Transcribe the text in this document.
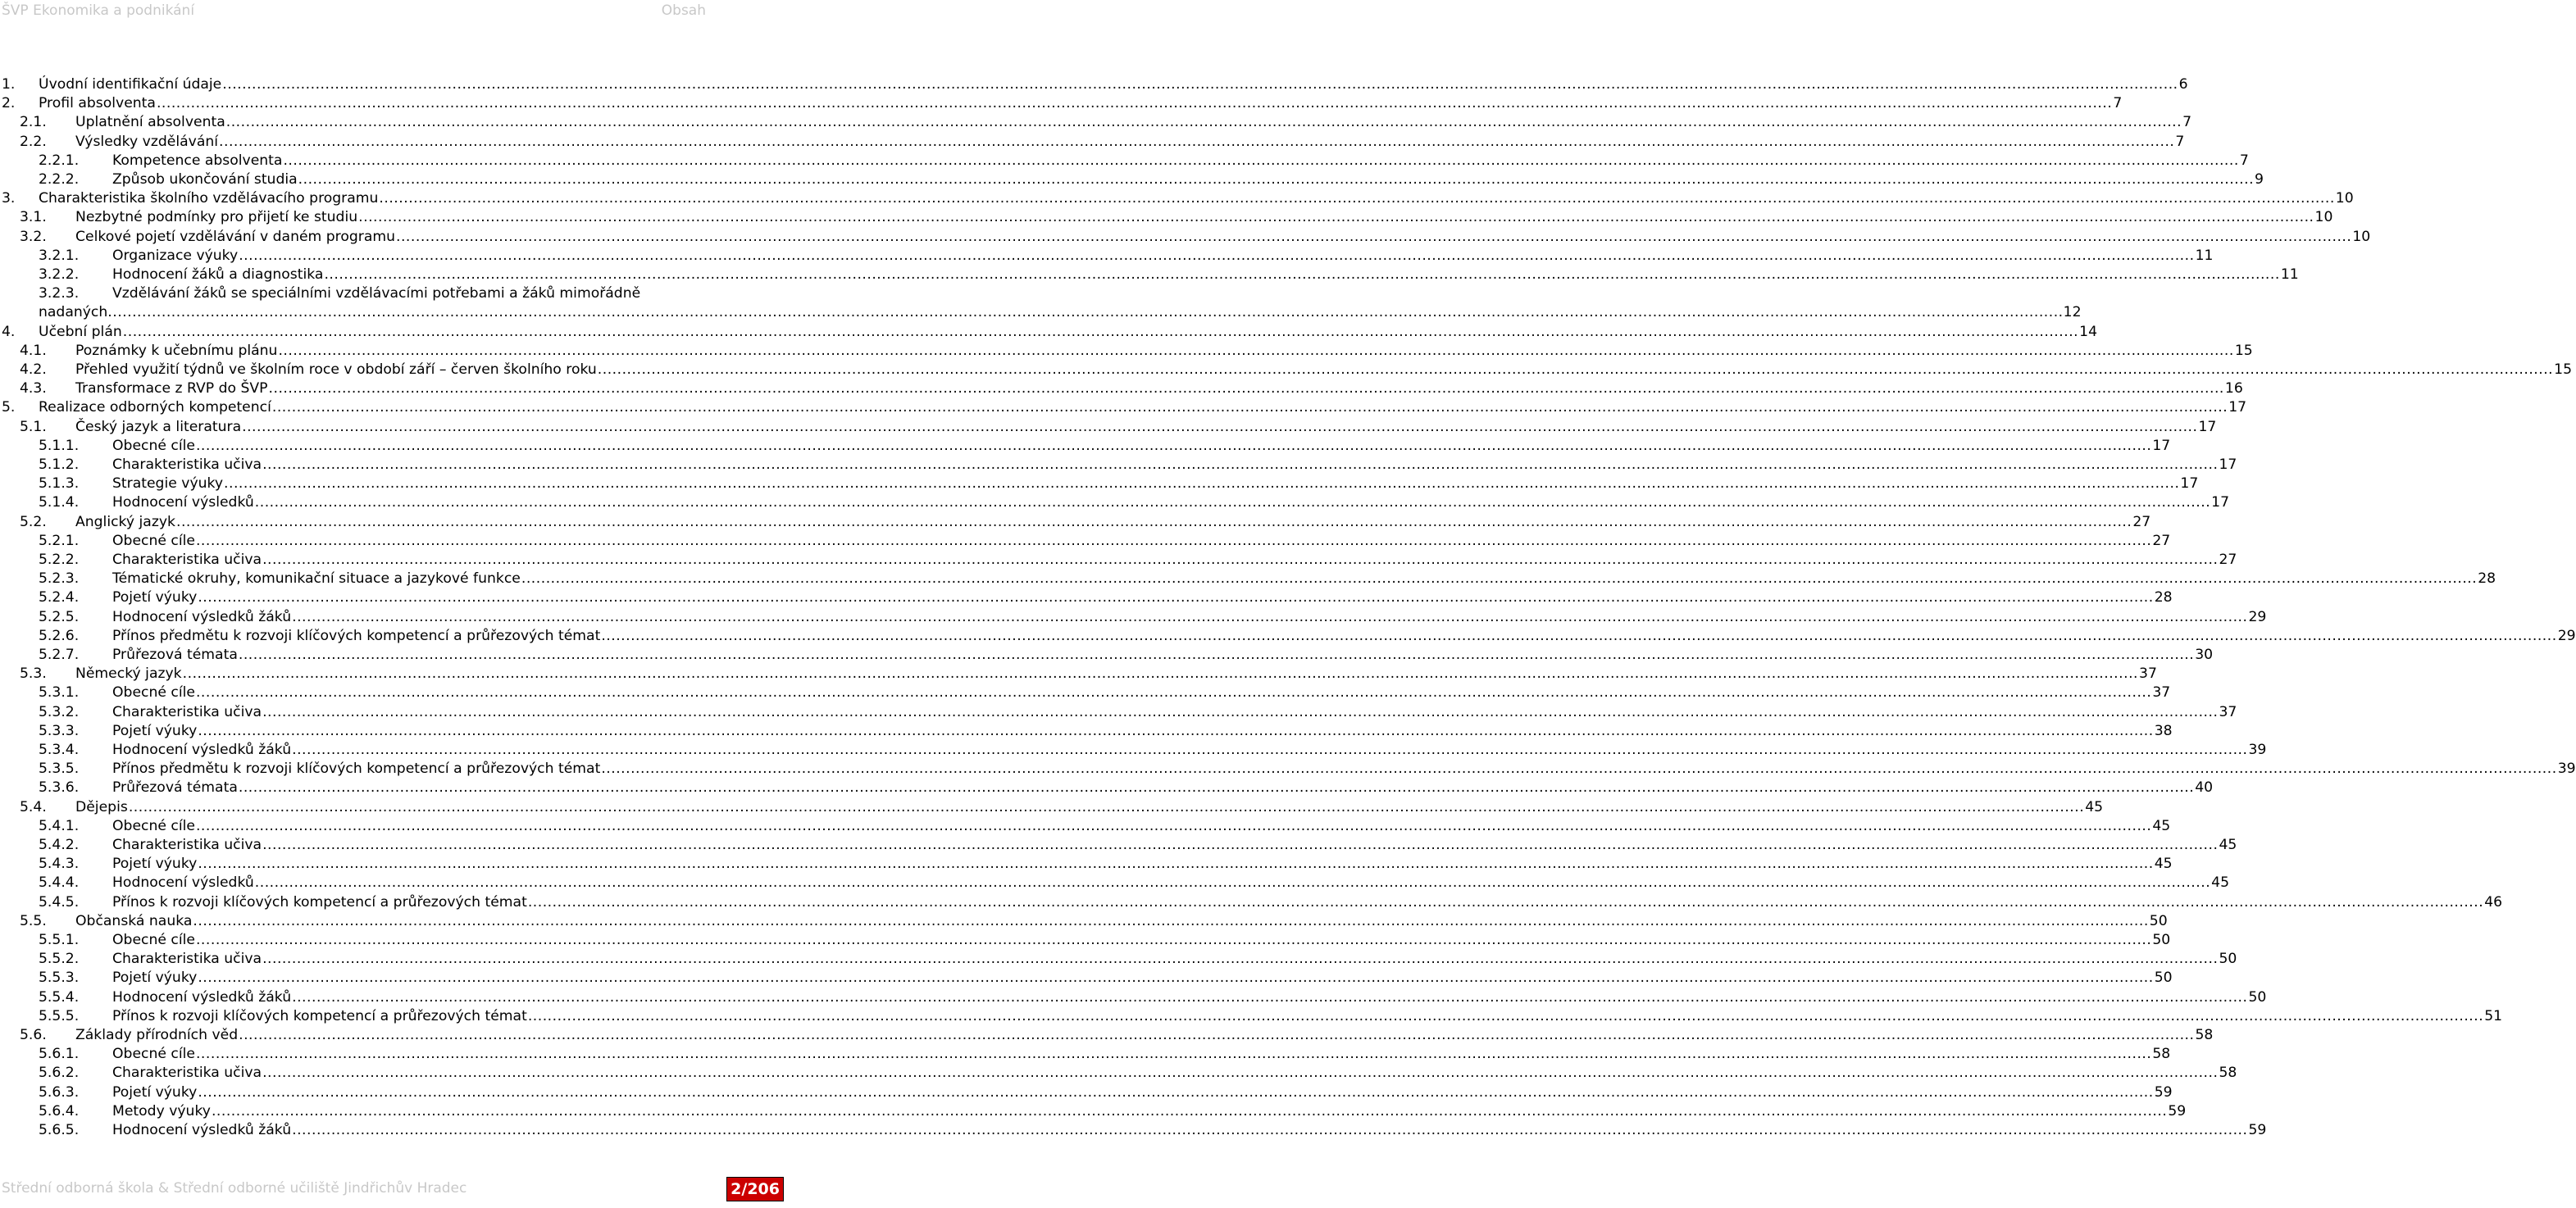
ŠVP Ekonomika a podnikání	Obsah
1. Úvodní identifikační údaje ................................................................................................................................................................................................................................................................................................................................................................................................................ 6
2. Profil absolventa ................................................................................................................................................................................................................................................................................................................................................................................................................ 7
2.1. Uplatnění absolventa ................................................................................................................................................................................................................................................................................................................................................................................................................ 7
2.2. Výsledky vzdělávání ................................................................................................................................................................................................................................................................................................................................................................................................................ 7
2.2.1. Kompetence absolventa ................................................................................................................................................................................................................................................................................................................................................................................................................ 7
2.2.2. Způsob ukončování studia ................................................................................................................................................................................................................................................................................................................................................................................................................ 9
3. Charakteristika školního vzdělávacího programu ................................................................................................................................................................................................................................................................................................................................................................................................................ 10
3.1. Nezbytné podmínky pro přijetí ke studiu ................................................................................................................................................................................................................................................................................................................................................................................................................ 10
3.2. Celkové pojetí vzdělávání v daném programu ................................................................................................................................................................................................................................................................................................................................................................................................................ 10
3.2.1. Organizace výuky ................................................................................................................................................................................................................................................................................................................................................................................................................ 11
3.2.2. Hodnocení žáků a diagnostika ................................................................................................................................................................................................................................................................................................................................................................................................................ 11
3.2.3. Vzdělávání žáků se speciálními vzdělávacími potřebami a žáků mimořádně
nadaných ................................................................................................................................................................................................................................................................................................................................................................................................................ 12
4. Učební plán ................................................................................................................................................................................................................................................................................................................................................................................................................ 14
4.1. Poznámky k učebnímu plánu ................................................................................................................................................................................................................................................................................................................................................................................................................ 15
4.2. Přehled využití týdnů ve školním roce v období září – červen školního roku ................................................................................................................................................................................................................................................................................................................................................................................................................ 15
4.3. Transformace z RVP do ŠVP ................................................................................................................................................................................................................................................................................................................................................................................................................ 16
5. Realizace odborných kompetencí ................................................................................................................................................................................................................................................................................................................................................................................................................ 17
5.1. Český jazyk a literatura ................................................................................................................................................................................................................................................................................................................................................................................................................ 17
5.1.1. Obecné cíle ................................................................................................................................................................................................................................................................................................................................................................................................................ 17
5.1.2. Charakteristika učiva ................................................................................................................................................................................................................................................................................................................................................................................................................ 17
5.1.3. Strategie výuky ................................................................................................................................................................................................................................................................................................................................................................................................................ 17
5.1.4. Hodnocení výsledků ................................................................................................................................................................................................................................................................................................................................................................................................................ 17
5.2. Anglický jazyk ................................................................................................................................................................................................................................................................................................................................................................................................................ 27
5.2.1. Obecné cíle ................................................................................................................................................................................................................................................................................................................................................................................................................ 27
5.2.2. Charakteristika učiva ................................................................................................................................................................................................................................................................................................................................................................................................................ 27
5.2.3. Tématické okruhy, komunikační situace a jazykové funkce ................................................................................................................................................................................................................................................................................................................................................................................................................ 28
5.2.4. Pojetí výuky ................................................................................................................................................................................................................................................................................................................................................................................................................ 28
5.2.5. Hodnocení výsledků žáků ................................................................................................................................................................................................................................................................................................................................................................................................................ 29
5.2.6. Přínos předmětu k rozvoji klíčových kompetencí a průřezových témat ................................................................................................................................................................................................................................................................................................................................................................................................................ 29
5.2.7. Průřezová témata ................................................................................................................................................................................................................................................................................................................................................................................................................ 30
5.3. Německý jazyk ................................................................................................................................................................................................................................................................................................................................................................................................................ 37
5.3.1. Obecné cíle ................................................................................................................................................................................................................................................................................................................................................................................................................ 37
5.3.2. Charakteristika učiva ................................................................................................................................................................................................................................................................................................................................................................................................................ 37
5.3.3. Pojetí výuky ................................................................................................................................................................................................................................................................................................................................................................................................................ 38
5.3.4. Hodnocení výsledků žáků ................................................................................................................................................................................................................................................................................................................................................................................................................ 39
5.3.5. Přínos předmětu k rozvoji klíčových kompetencí a průřezových témat ................................................................................................................................................................................................................................................................................................................................................................................................................ 39
5.3.6. Průřezová témata ................................................................................................................................................................................................................................................................................................................................................................................................................ 40
5.4. Dějepis ................................................................................................................................................................................................................................................................................................................................................................................................................ 45
5.4.1. Obecné cíle ................................................................................................................................................................................................................................................................................................................................................................................................................ 45
5.4.2. Charakteristika učiva ................................................................................................................................................................................................................................................................................................................................................................................................................ 45
5.4.3. Pojetí výuky ................................................................................................................................................................................................................................................................................................................................................................................................................ 45
5.4.4. Hodnocení výsledků ................................................................................................................................................................................................................................................................................................................................................................................................................ 45
5.4.5. Přínos k rozvoji klíčových kompetencí a průřezových témat ................................................................................................................................................................................................................................................................................................................................................................................................................ 46
5.5. Občanská nauka ................................................................................................................................................................................................................................................................................................................................................................................................................ 50
5.5.1. Obecné cíle ................................................................................................................................................................................................................................................................................................................................................................................................................ 50
5.5.2. Charakteristika učiva ................................................................................................................................................................................................................................................................................................................................................................................................................ 50
5.5.3. Pojetí výuky ................................................................................................................................................................................................................................................................................................................................................................................................................ 50
5.5.4. Hodnocení výsledků žáků ................................................................................................................................................................................................................................................................................................................................................................................................................ 50
5.5.5. Přínos k rozvoji klíčových kompetencí a průřezových témat ................................................................................................................................................................................................................................................................................................................................................................................................................ 51
5.6. Základy přírodních věd ................................................................................................................................................................................................................................................................................................................................................................................................................ 58
5.6.1. Obecné cíle ................................................................................................................................................................................................................................................................................................................................................................................................................ 58
5.6.2. Charakteristika učiva ................................................................................................................................................................................................................................................................................................................................................................................................................ 58
5.6.3. Pojetí výuky ................................................................................................................................................................................................................................................................................................................................................................................................................ 59
5.6.4. Metody výuky ................................................................................................................................................................................................................................................................................................................................................................................................................ 59
5.6.5. Hodnocení výsledků žáků ................................................................................................................................................................................................................................................................................................................................................................................................................ 59
Střední odborná škola & Střední odborné učiliště Jindřichův Hradec	2/206
